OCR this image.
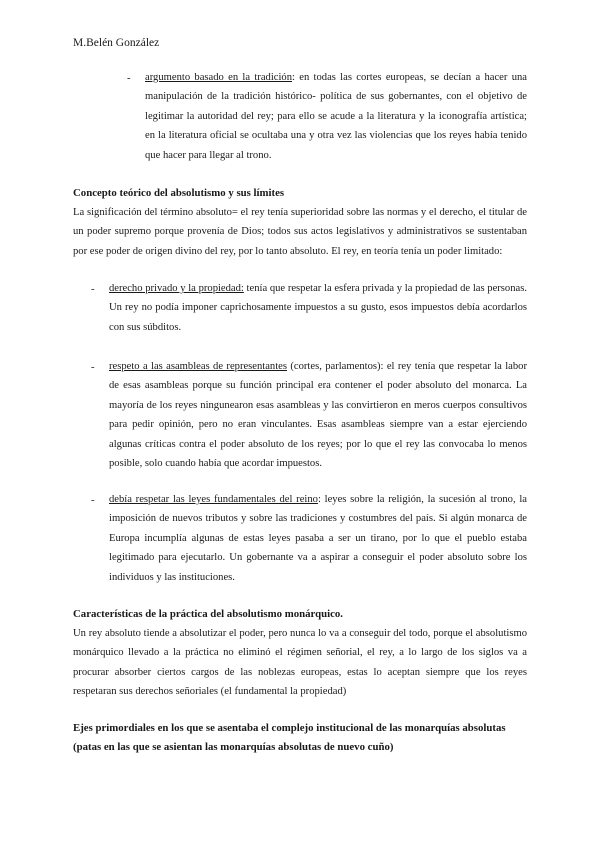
M.Belén González
- argumento basado en la tradición: en todas las cortes europeas, se decían a hacer una manipulación de la tradición histórico- política de sus gobernantes, con el objetivo de legitimar la autoridad del rey; para ello se acude a la literatura y la iconografía artística; en la literatura oficial se ocultaba una y otra vez las violencias que los reyes había tenido que hacer para llegar al trono.

Concepto teórico del absolutismo y sus límites

La significación del término absoluto= el rey tenía superioridad sobre las normas y el derecho, el titular de un poder supremo porque provenía de Dios; todos sus actos legislativos y administrativos se sustentaban por ese poder de origen divino del rey, por lo tanto absoluto. El rey, en teoría tenía un poder limitado:

- derecho privado y la propiedad: tenía que respetar la esfera privada y la propiedad de las personas. Un rey no podía imponer caprichosamente impuestos a su gusto, esos impuestos debía acordarlos con sus súbditos.

- respeto a las asambleas de representantes (cortes, parlamentos): el rey tenía que respetar la labor de esas asambleas porque su función principal era contener el poder absoluto del monarca. La mayoría de los reyes ningunearon esas asambleas y las convirtieron en meros cuerpos consultivos para pedir opinión, pero no eran vinculantes. Esas asambleas siempre van a estar ejerciendo algunas críticas contra el poder absoluto de los reyes; por lo que el rey las convocaba lo menos posible, solo cuando había que acordar impuestos.

- debía respetar las leyes fundamentales del reino: leyes sobre la religión, la sucesión al trono, la imposición de nuevos tributos y sobre las tradiciones y costumbres del país. Si algún monarca de Europa incumplía algunas de estas leyes pasaba a ser un tirano, por lo que el pueblo estaba legitimado para ejecutarlo. Un gobernante va a aspirar a conseguir el poder absoluto sobre los individuos y las instituciones.

Características de la práctica del absolutismo monárquico.

Un rey absoluto tiende a absolutizar el poder, pero nunca lo va a conseguir del todo, porque el absolutismo monárquico llevado a la práctica no eliminó el régimen señorial, el rey, a lo largo de los siglos va a procurar absorber ciertos cargos de las noblezas europeas, estas lo aceptan siempre que los reyes respetaran sus derechos señoriales (el fundamental la propiedad)

Ejes primordiales en los que se asentaba el complejo institucional de las monarquías absolutas (patas en las que se asientan las monarquías absolutas de nuevo cuño)
